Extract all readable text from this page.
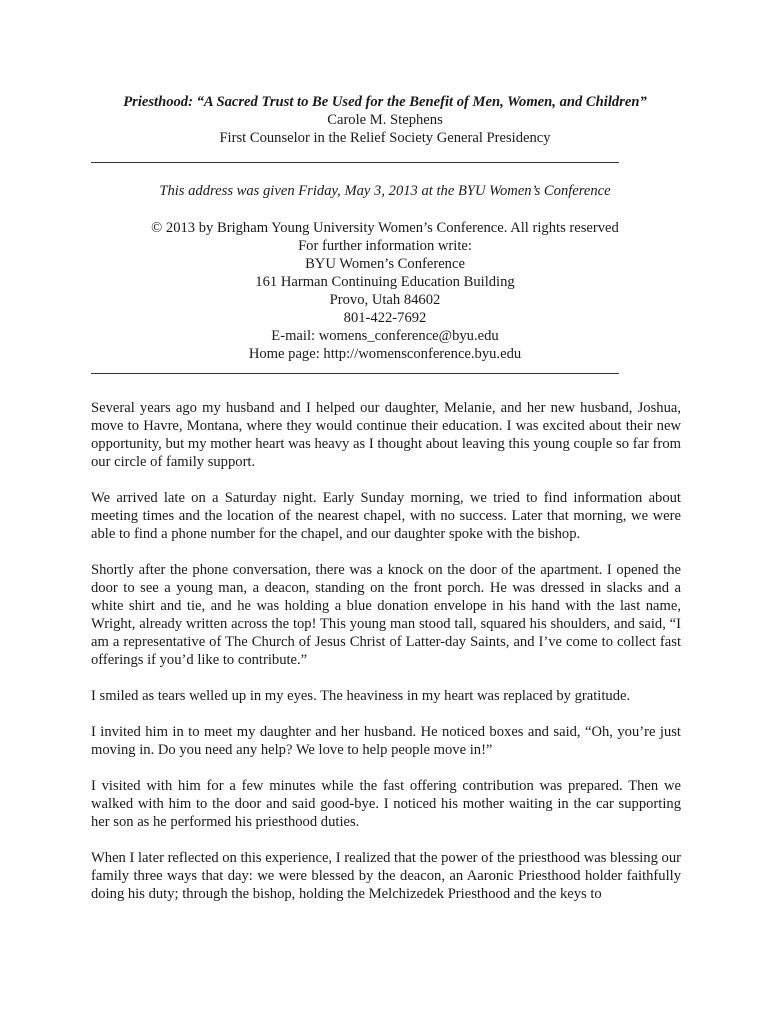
Priesthood: “A Sacred Trust to Be Used for the Benefit of Men, Women, and Children”
Carole M. Stephens
First Counselor in the Relief Society General Presidency
This address was given Friday, May 3, 2013 at the BYU Women’s Conference
© 2013 by Brigham Young University Women’s Conference. All rights reserved
For further information write:
BYU Women’s Conference
161 Harman Continuing Education Building
Provo, Utah 84602
801-422-7692
E-mail: womens_conference@byu.edu
Home page: http://womensconference.byu.edu

Several years ago my husband and I helped our daughter, Melanie, and her new husband, Joshua, move to Havre, Montana, where they would continue their education. I was excited about their new opportunity, but my mother heart was heavy as I thought about leaving this young couple so far from our circle of family support.

We arrived late on a Saturday night. Early Sunday morning, we tried to find information about meeting times and the location of the nearest chapel, with no success. Later that morning, we were able to find a phone number for the chapel, and our daughter spoke with the bishop.

Shortly after the phone conversation, there was a knock on the door of the apartment. I opened the door to see a young man, a deacon, standing on the front porch. He was dressed in slacks and a white shirt and tie, and he was holding a blue donation envelope in his hand with the last name, Wright, already written across the top! This young man stood tall, squared his shoulders, and said, “I am a representative of The Church of Jesus Christ of Latter-day Saints, and I’ve come to collect fast offerings if you’d like to contribute.”

I smiled as tears welled up in my eyes. The heaviness in my heart was replaced by gratitude.

I invited him in to meet my daughter and her husband. He noticed boxes and said, “Oh, you’re just moving in. Do you need any help? We love to help people move in!”

I visited with him for a few minutes while the fast offering contribution was prepared. Then we walked with him to the door and said good-bye. I noticed his mother waiting in the car supporting her son as he performed his priesthood duties.

When I later reflected on this experience, I realized that the power of the priesthood was blessing our family three ways that day: we were blessed by the deacon, an Aaronic Priesthood holder faithfully doing his duty; through the bishop, holding the Melchizedek Priesthood and the keys to
